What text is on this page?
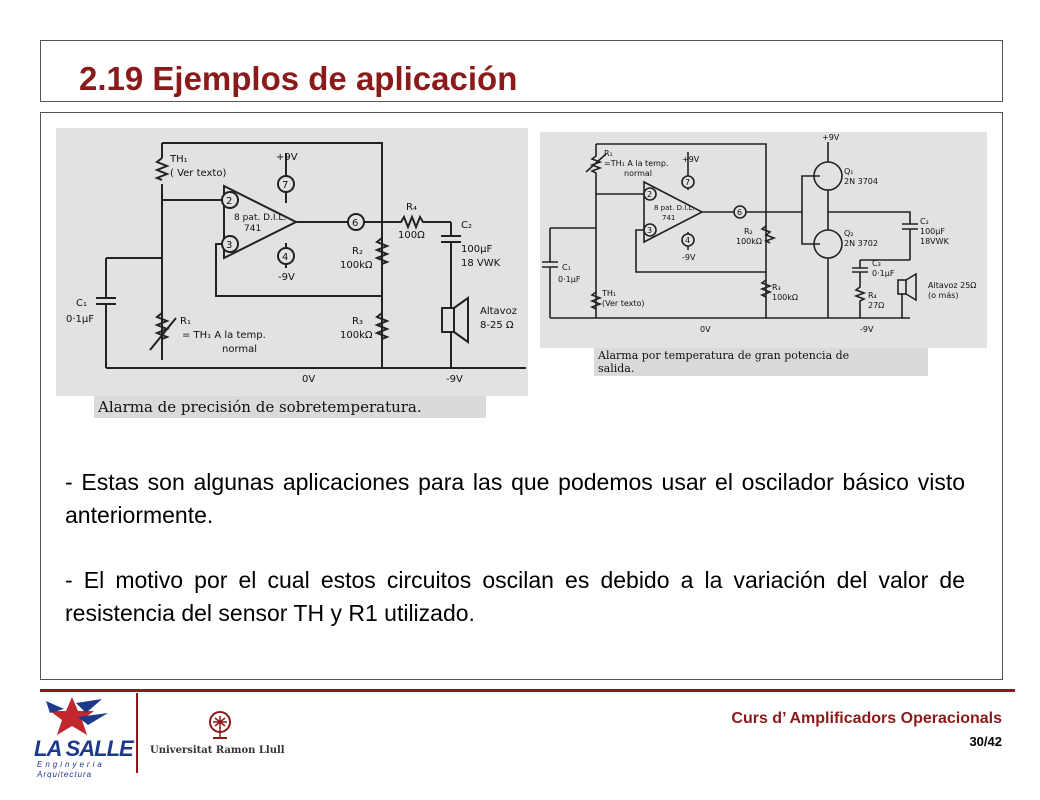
2.19 Ejemplos de aplicación
TH₁
( Ver texto)
+9V
7
2
3
6
4
8 pat. D.I.L.
741
-9V
R₄
100Ω
C₂
100µF
18 VWK
R₂
100kΩ
R₃
100kΩ
C₁
0·1µF	R₁
= TH₁ A la temp.
normal
0V	-9V
Altavoz
8-25 Ω
Alarma de precisión de sobretemperatura.
R₁
=TH₁ A la temp.
normal
+9V
+9V
7
2
3
6
4
8 pat. D.I.L.
741
-9V
R₂
100kΩ
C₁
0·1µF
TH₁
(Ver texto)
R₃
100kΩ
0V
Q₁
2N 3704
Q₂
2N 3702
C₂
100µF
18VWK
C₃
0·1µF
R₄
27Ω
Altavoz 25Ω
(o más)
-9V
Alarma por temperatura de gran potencia de
salida.

- Estas son algunas aplicaciones para las que podemos usar el oscilador básico visto anteriormente.

- El motivo por el cual estos circuitos oscilan es debido a la variación del valor de resistencia del sensor TH y R1 utilizado.

LA SALLE
Enginyeria
Arquitectura
Universitat Ramon Llull
Curs d’ Amplificadors Operacionals
30/42
